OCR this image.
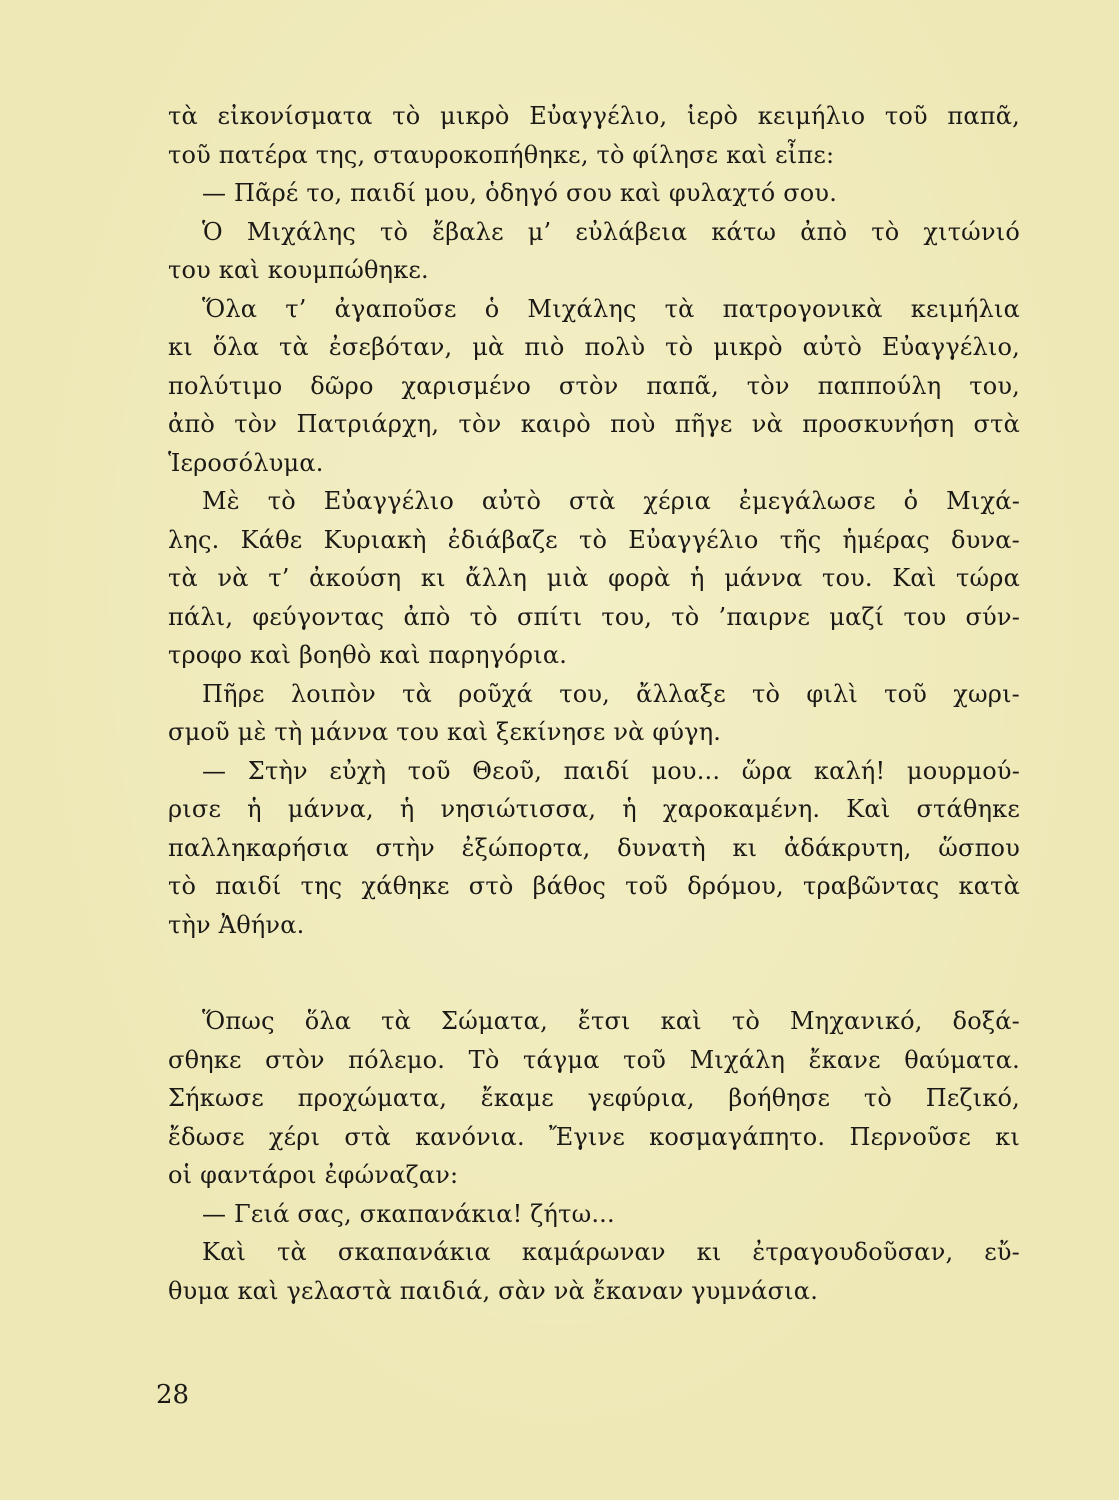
τὰ εἰκονίσματα τὸ μικρὸ Εὐαγγέλιο, ἱερὸ κειμήλιο τοῦ παπᾶ,
τοῦ πατέρα της, σταυροκοπήθηκε, τὸ φίλησε καὶ εἶπε:
— Πᾶρέ το, παιδί μου, ὁδηγό σου καὶ φυλαχτό σου.
Ὁ Μιχάλης τὸ ἔβαλε μ’ εὐλάβεια κάτω ἀπὸ τὸ χιτώνιό
του καὶ κουμπώθηκε.
Ὅλα τ’ ἀγαποῦσε ὁ Μιχάλης τὰ πατρογονικὰ κειμήλια
κι ὅλα τὰ ἐσεβόταν, μὰ πιὸ πολὺ τὸ μικρὸ αὐτὸ Εὐαγγέλιο,
πολύτιμο δῶρο χαρισμένο στὸν παπᾶ, τὸν παππούλη του,
ἀπὸ τὸν Πατριάρχη, τὸν καιρὸ ποὺ πῆγε νὰ προσκυνήση στὰ
Ἱεροσόλυμα.
Μὲ τὸ Εὐαγγέλιο αὐτὸ στὰ χέρια ἐμεγάλωσε ὁ Μιχά-
λης. Κάθε Κυριακὴ ἐδιάβαζε τὸ Εὐαγγέλιο τῆς ἡμέρας δυνα-
τὰ νὰ τ’ ἀκούση κι ἄλλη μιὰ φορὰ ἡ μάννα του. Καὶ τώρα
πάλι, φεύγοντας ἀπὸ τὸ σπίτι του, τὸ ’παιρνε μαζί του σύν-
τροφο καὶ βοηθὸ καὶ παρηγόρια.
Πῆρε λοιπὸν τὰ ροῦχά του, ἄλλαξε τὸ φιλὶ τοῦ χωρι-
σμοῦ μὲ τὴ μάννα του καὶ ξεκίνησε νὰ φύγη.
— Στὴν εὐχὴ τοῦ Θεοῦ, παιδί μου... ὥρα καλή! μουρμού-
ρισε ἡ μάννα, ἡ νησιώτισσα, ἡ χαροκαμένη. Καὶ στάθηκε
παλληκαρήσια στὴν ἐξώπορτα, δυνατὴ κι ἀδάκρυτη, ὥσπου
τὸ παιδί της χάθηκε στὸ βάθος τοῦ δρόμου, τραβῶντας κατὰ
τὴν Ἀθήνα.
Ὅπως ὅλα τὰ Σώματα, ἔτσι καὶ τὸ Μηχανικό, δοξά-
σθηκε στὸν πόλεμο. Τὸ τάγμα τοῦ Μιχάλη ἔκανε θαύματα.
Σήκωσε προχώματα, ἔκαμε γεφύρια, βοήθησε τὸ Πεζικό,
ἔδωσε χέρι στὰ κανόνια. Ἔγινε κοσμαγάπητο. Περνοῦσε κι
οἱ φαντάροι ἐφώναζαν:
— Γειά σας, σκαπανάκια! ζήτω...
Καὶ τὰ σκαπανάκια καμάρωναν κι ἐτραγουδοῦσαν, εὔ-
θυμα καὶ γελαστὰ παιδιά, σὰν νὰ ἔκαναν γυμνάσια.
28
